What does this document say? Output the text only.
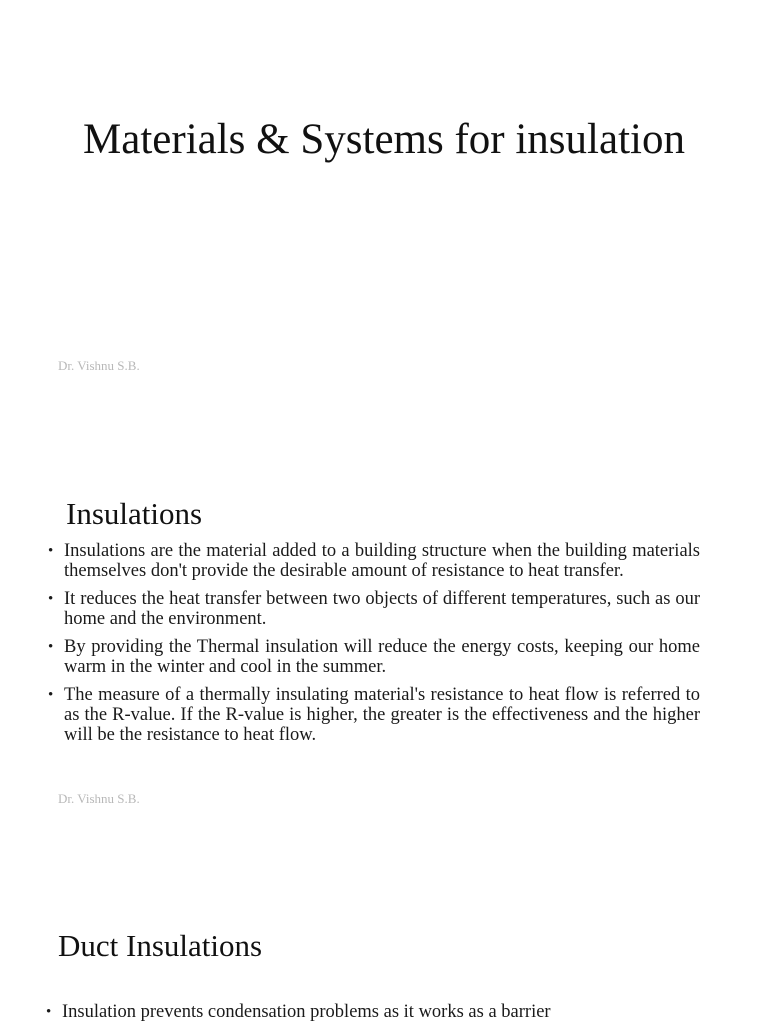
Materials & Systems for insulation
Dr. Vishnu S.B.
Insulations
• Insulations are the material added to a building structure when the building materials themselves don't provide the desirable amount of resistance to heat transfer.
• It reduces the heat transfer between two objects of different temperatures, such as our home and the environment.
• By providing the Thermal insulation will reduce the energy costs, keeping our home warm in the winter and cool in the summer.
• The measure of a thermally insulating material's resistance to heat flow is referred to as the R-value. If the R-value is higher, the greater is the effectiveness and the higher will be the resistance to heat flow.
Dr. Vishnu S.B.
Duct Insulations
• Insulation prevents condensation problems as it works as a barrier
